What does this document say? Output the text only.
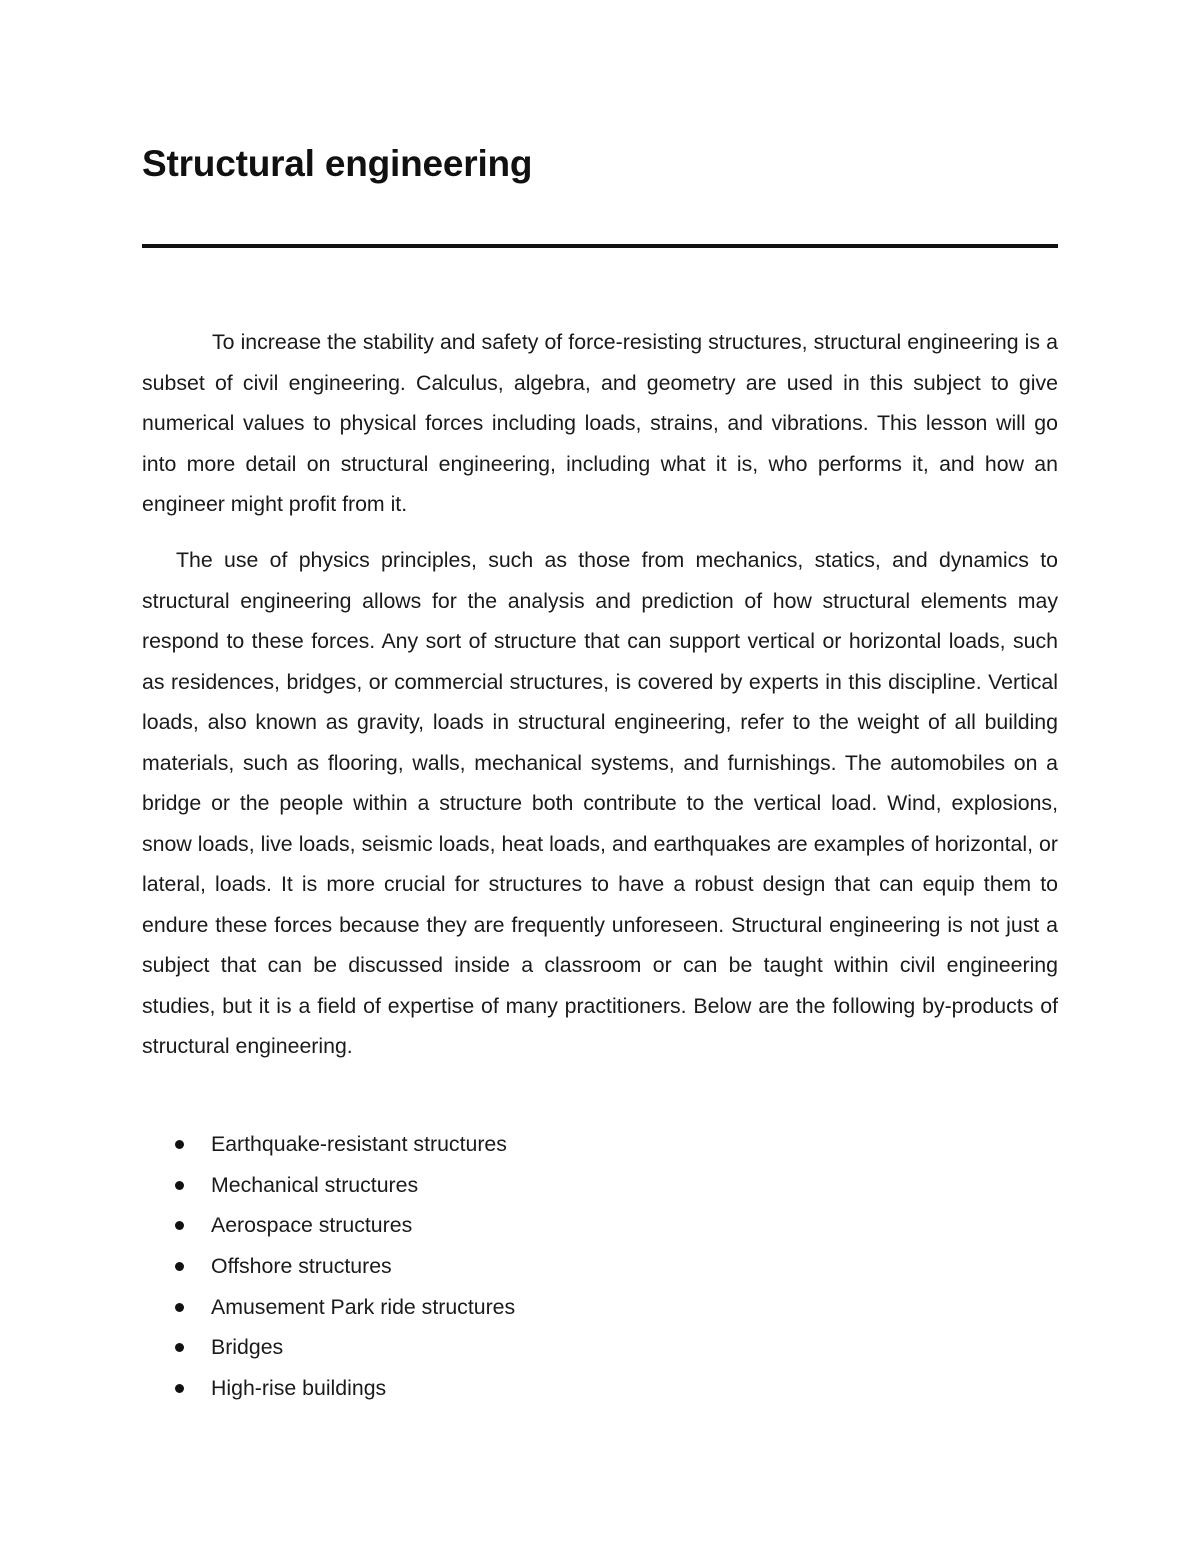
Structural engineering

To increase the stability and safety of force-resisting structures, structural engineering is a subset of civil engineering. Calculus, algebra, and geometry are used in this subject to give numerical values to physical forces including loads, strains, and vibrations. This lesson will go into more detail on structural engineering, including what it is, who performs it, and how an engineer might profit from it.

The use of physics principles, such as those from mechanics, statics, and dynamics to structural engineering allows for the analysis and prediction of how structural elements may respond to these forces. Any sort of structure that can support vertical or horizontal loads, such as residences, bridges, or commercial structures, is covered by experts in this discipline. Vertical loads, also known as gravity, loads in structural engineering, refer to the weight of all building materials, such as flooring, walls, mechanical systems, and furnishings. The automobiles on a bridge or the people within a structure both contribute to the vertical load. Wind, explosions, snow loads, live loads, seismic loads, heat loads, and earthquakes are examples of horizontal, or lateral, loads. It is more crucial for structures to have a robust design that can equip them to endure these forces because they are frequently unforeseen. Structural engineering is not just a subject that can be discussed inside a classroom or can be taught within civil engineering studies, but it is a field of expertise of many practitioners. Below are the following by-products of structural engineering.

Earthquake-resistant structures
Mechanical structures
Aerospace structures
Offshore structures
Amusement Park ride structures
Bridges
High-rise buildings
